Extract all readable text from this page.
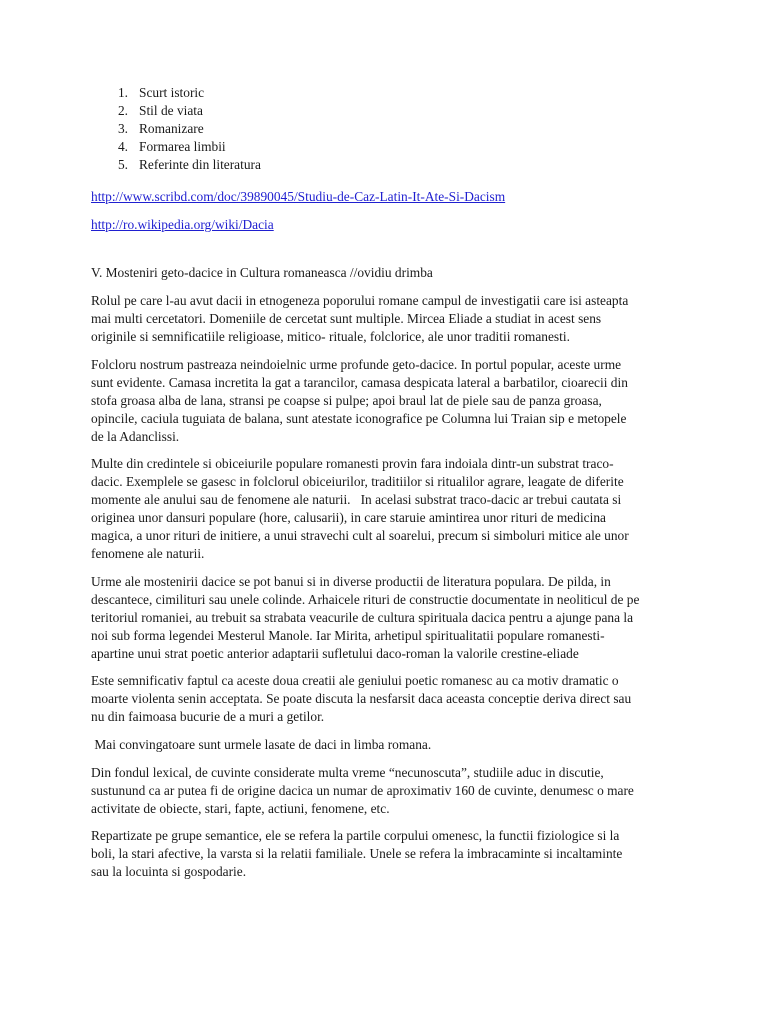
1. Scurt istoric
2. Stil de viata
3. Romanizare
4. Formarea limbii
5. Referinte din literatura
http://www.scribd.com/doc/39890045/Studiu-de-Caz-Latin-It-Ate-Si-Dacism
http://ro.wikipedia.org/wiki/Dacia
V. Mosteniri geto-dacice in Cultura romaneasca //ovidiu drimba

Rolul pe care l-au avut dacii in etnogeneza poporului romane campul de investigatii care isi asteapta
mai multi cercetatori. Domeniile de cercetat sunt multiple. Mircea Eliade a studiat in acest sens
originile si semnificatiile religioase, mitico- rituale, folclorice, ale unor traditii romanesti.

Folcloru nostrum pastreaza neindoielnic urme profunde geto-dacice. In portul popular, aceste urme
sunt evidente. Camasa incretita la gat a tarancilor, camasa despicata lateral a barbatilor, cioarecii din
stofa groasa alba de lana, stransi pe coapse si pulpe; apoi braul lat de piele sau de panza groasa,
opincile, caciula tuguiata de balana, sunt atestate iconografice pe Columna lui Traian sip e metopele
de la Adanclissi.

Multe din credintele si obiceiurile populare romanesti provin fara indoiala dintr-un substrat traco-
dacic. Exemplele se gasesc in folclorul obiceiurilor, traditiilor si ritualilor agrare, leagate de diferite
momente ale anului sau de fenomene ale naturii.   In acelasi substrat traco-dacic ar trebui cautata si
originea unor dansuri populare (hore, calusarii), in care staruie amintirea unor rituri de medicina
magica, a unor rituri de initiere, a unui stravechi cult al soarelui, precum si simboluri mitice ale unor
fenomene ale naturii.

Urme ale mostenirii dacice se pot banui si in diverse productii de literatura populara. De pilda, in
descantece, cimilituri sau unele colinde. Arhaicele rituri de constructie documentate in neoliticul de pe
teritoriul romaniei, au trebuit sa strabata veacurile de cultura spirituala dacica pentru a ajunge pana la
noi sub forma legendei Mesterul Manole. Iar Mirita, arhetipul spiritualitatii populare romanesti-
apartine unui strat poetic anterior adaptarii sufletului daco-roman la valorile crestine-eliade

Este semnificativ faptul ca aceste doua creatii ale geniului poetic romanesc au ca motiv dramatic o
moarte violenta senin acceptata. Se poate discuta la nesfarsit daca aceasta conceptie deriva direct sau
nu din faimoasa bucurie de a muri a getilor.

Mai convingatoare sunt urmele lasate de daci in limba romana.

Din fondul lexical, de cuvinte considerate multa vreme “necunoscuta”, studiile aduc in discutie,
sustunund ca ar putea fi de origine dacica un numar de aproximativ 160 de cuvinte, denumesc o mare
activitate de obiecte, stari, fapte, actiuni, fenomene, etc.

Repartizate pe grupe semantice, ele se refera la partile corpului omenesc, la functii fiziologice si la
boli, la stari afective, la varsta si la relatii familiale. Unele se refera la imbracaminte si incaltaminte
sau la locuinta si gospodarie.
